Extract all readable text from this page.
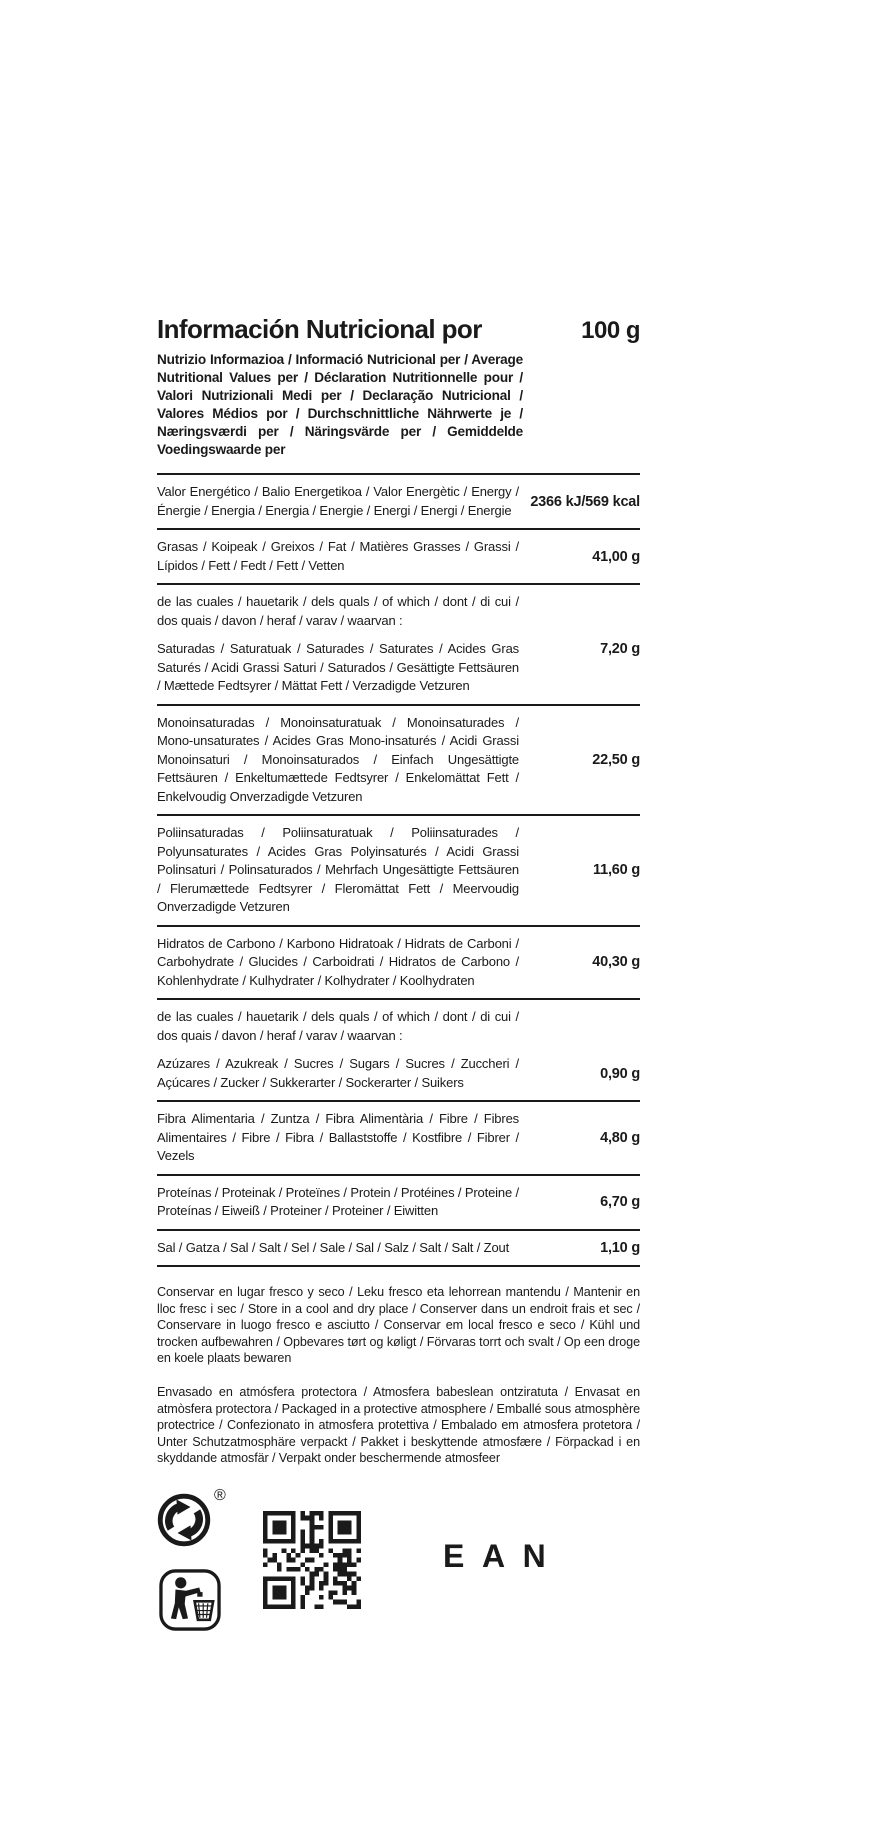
Información Nutricional por	100 g
Nutrizio Informazioa / Informació Nutricional per / Average Nutritional Values per / Déclaration Nutritionnelle pour / Valori Nutrizionali Medi per / Declaração Nutricional / Valores Médios por / Durchschnittliche Nährwerte je / Næringsværdi per / Näringsvärde per / Gemiddelde Voedingswaarde per
Valor Energético / Balio Energetikoa / Valor Energètic / Energy / Énergie / Energia / Energia / Energie / Energi / Energi / Energie
2366 kJ/569 kcal
Grasas / Koipeak / Greixos / Fat / Matières Grasses / Grassi / Lípidos / Fett / Fedt / Fett / Vetten
41,00 g
de las cuales / hauetarik / dels quals / of which / dont / di cui / dos quais / davon / heraf / varav / waarvan :
Saturadas / Saturatuak / Saturades / Saturates / Acides Gras Saturés / Acidi Grassi Saturi / Saturados / Gesättigte Fettsäuren / Mættede Fedtsyrer / Mättat Fett / Verzadigde Vetzuren
7,20 g
Monoinsaturadas / Monoinsaturatuak / Monoinsaturades / Mono-unsaturates / Acides Gras Mono-insaturés / Acidi Grassi Monoinsaturi / Monoinsaturados / Einfach Ungesättigte Fettsäuren / Enkeltumættede Fedtsyrer / Enkelomättat Fett / Enkelvoudig Onverzadigde Vetzuren
22,50 g
Poliinsaturadas / Poliinsaturatuak / Poliinsaturades / Polyunsaturates / Acides Gras Polyinsaturés / Acidi Grassi Polinsaturi / Polinsaturados / Mehrfach Ungesättigte Fettsäuren / Flerumættede Fedtsyrer / Fleromättat Fett / Meervoudig Onverzadigde Vetzuren
11,60 g
Hidratos de Carbono / Karbono Hidratoak / Hidrats de Carboni / Carbohydrate / Glucides / Carboidrati / Hidratos de Carbono / Kohlenhydrate / Kulhydrater / Kolhydrater / Koolhydraten
40,30 g
de las cuales / hauetarik / dels quals / of which / dont / di cui / dos quais / davon / heraf / varav / waarvan :
Azúzares / Azukreak / Sucres / Sugars / Sucres / Zuccheri / Açúcares / Zucker / Sukkerarter / Sockerarter / Suikers
0,90 g
Fibra Alimentaria / Zuntza / Fibra Alimentària / Fibre / Fibres Alimentaires / Fibre / Fibra / Ballaststoffe / Kostfibre / Fibrer / Vezels
4,80 g
Proteínas / Proteinak / Proteïnes / Protein / Protéines / Proteine / Proteínas / Eiweiß / Proteiner / Proteiner / Eiwitten
6,70 g
Sal / Gatza / Sal / Salt / Sel / Sale / Sal / Salz / Salt / Salt / Zout	1,10 g

Conservar en lugar fresco y seco / Leku fresco eta lehorrean mantendu / Mantenir en lloc fresc i sec / Store in a cool and dry place / Conserver dans un endroit frais et sec / Conservare in luogo fresco e asciutto / Conservar em local fresco e seco / Kühl und trocken aufbewahren / Opbevares tørt og køligt / Förvaras torrt och svalt / Op een droge en koele plaats bewaren

Envasado en atmósfera protectora / Atmosfera babeslean ontziratuta / Envasat en atmòsfera protectora / Packaged in a protective atmosphere / Emballé sous atmosphère protectrice / Confezionato in atmosfera protettiva / Embalado em atmosfera protetora / Unter Schutzatmosphäre verpackt / Pakket i beskyttende atmosfære / Förpackad i en skyddande atmosfär / Verpakt onder beschermende atmosfeer

®
EAN
